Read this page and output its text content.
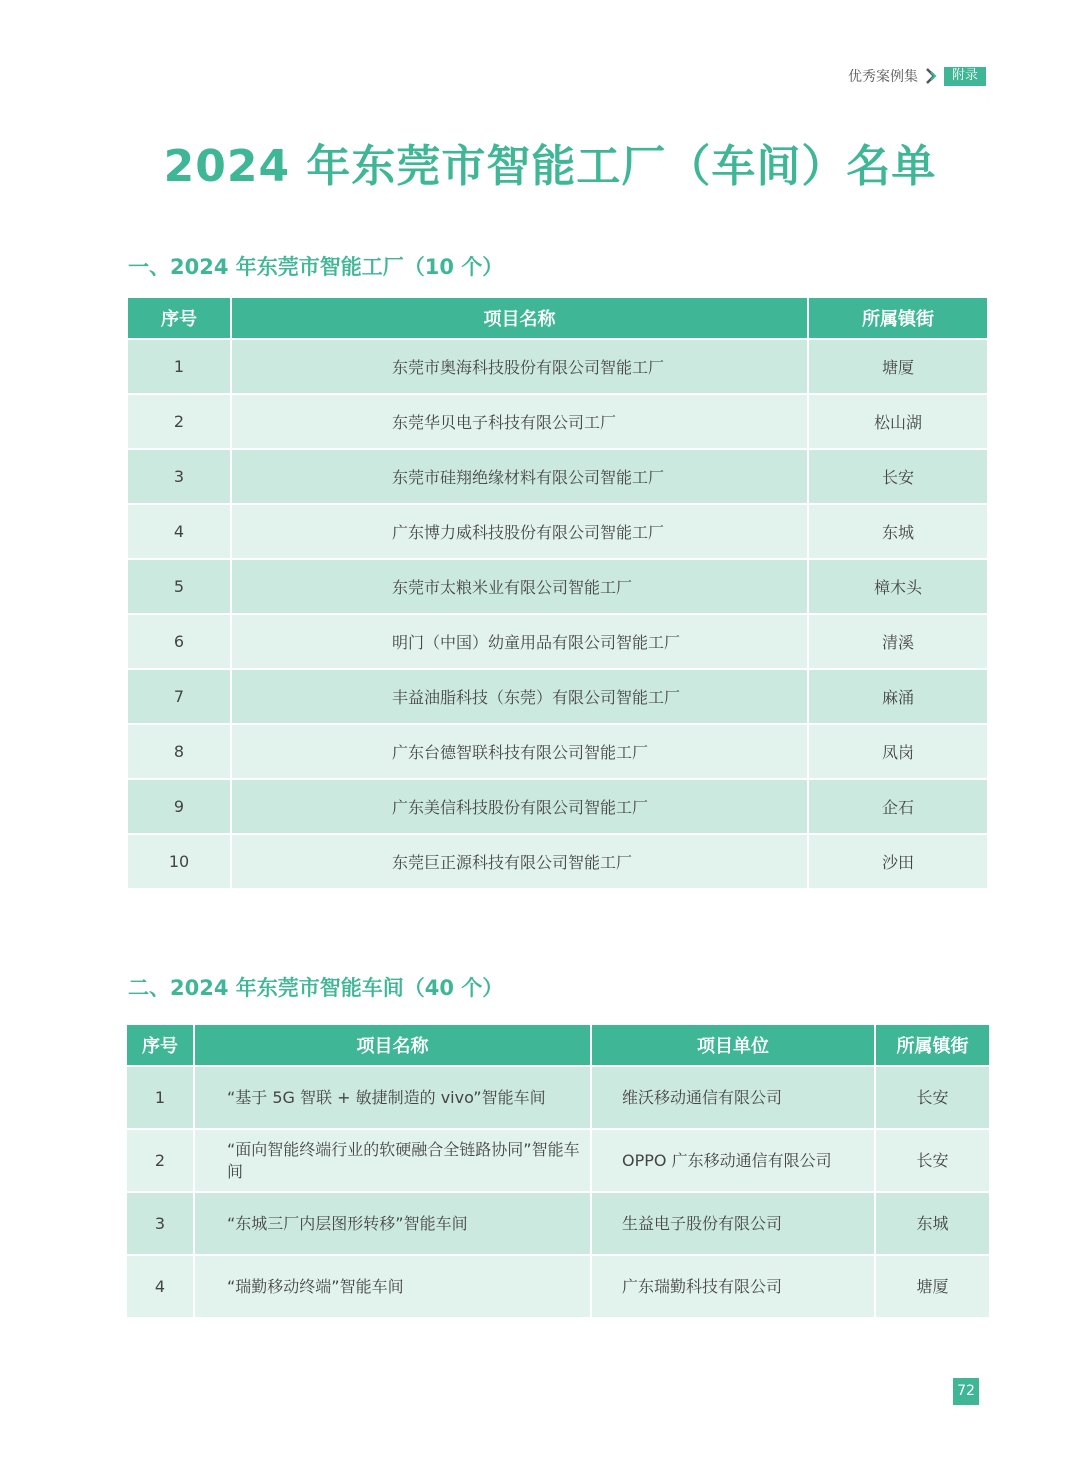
优秀案例集	附录
2024 年东莞市智能工厂（车间）名单
一、2024 年东莞市智能工厂（10 个）
序号	项目名称	所属镇街
1	东莞市奥海科技股份有限公司智能工厂	塘厦
2	东莞华贝电子科技有限公司工厂	松山湖
3	东莞市硅翔绝缘材料有限公司智能工厂	长安
4	广东博力威科技股份有限公司智能工厂	东城
5	东莞市太粮米业有限公司智能工厂	樟木头
6	明门（中国）幼童用品有限公司智能工厂	清溪
7	丰益油脂科技（东莞）有限公司智能工厂	麻涌
8	广东台德智联科技有限公司智能工厂	凤岗
9	广东美信科技股份有限公司智能工厂	企石
10	东莞巨正源科技有限公司智能工厂	沙田
二、2024 年东莞市智能车间（40 个）
序号	项目名称	项目单位	所属镇街
1	“基于 5G 智联 + 敏捷制造的 vivo”智能车间	维沃移动通信有限公司	长安
2	“面向智能终端行业的软硬融合全链路协同”智能车间	OPPO 广东移动通信有限公司	长安
3	“东城三厂内层图形转移”智能车间	生益电子股份有限公司	东城
4	“瑞勤移动终端”智能车间	广东瑞勤科技有限公司	塘厦
72
